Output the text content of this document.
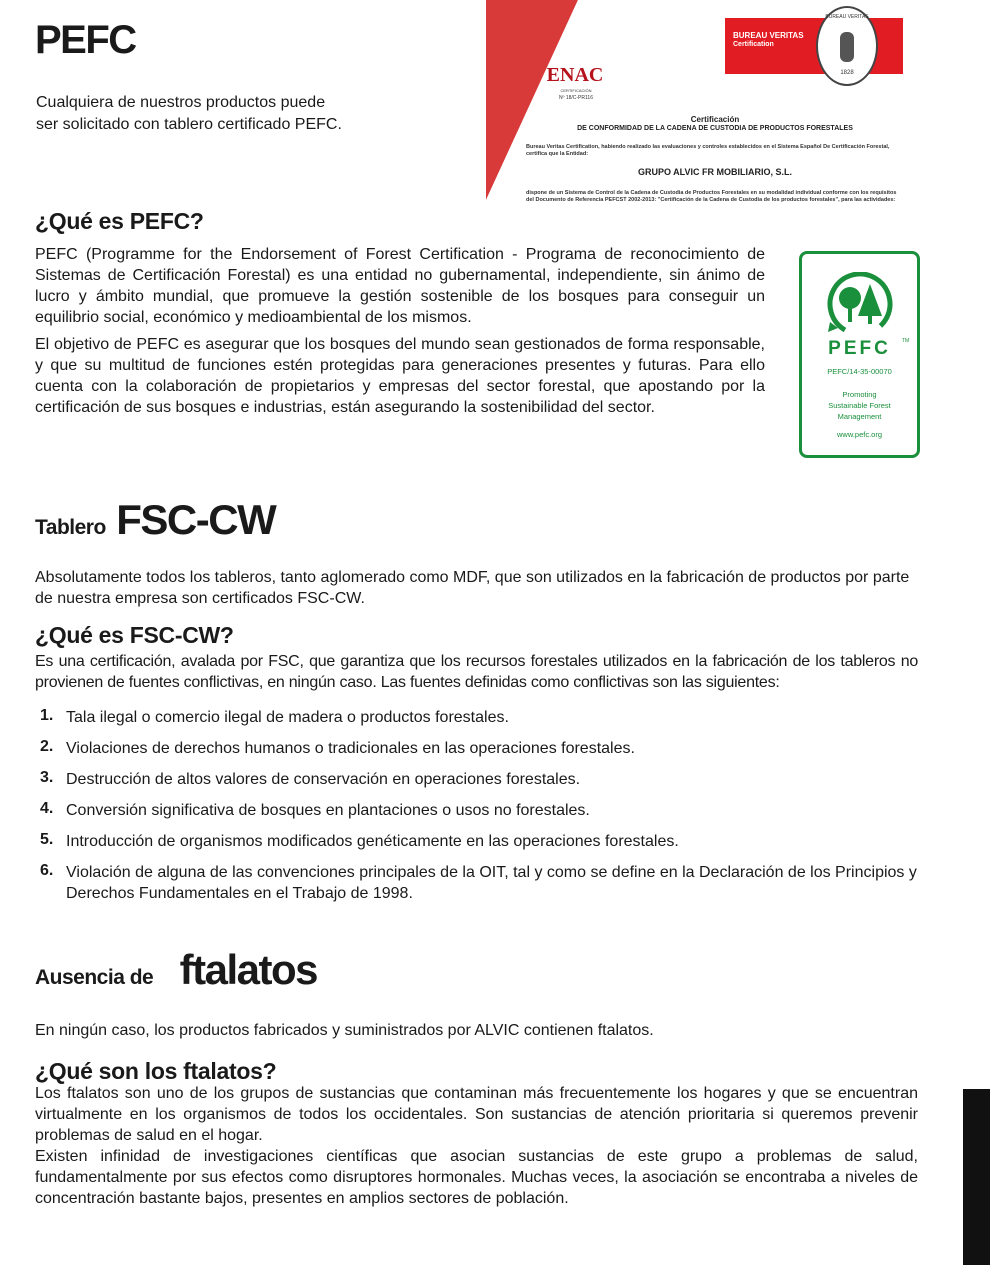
PEFC
Cualquiera de nuestros productos puede
ser solicitado con tablero certificado PEFC.
BUREAU VERITAS
Certification
BUREAU VERITAS
1828
ENAC
CERTIFICACIÓN
Nº 18/C-PR116
Certificación
DE CONFORMIDAD DE LA CADENA DE CUSTODIA DE PRODUCTOS FORESTALES
Bureau Veritas Certification, habiendo realizado las evaluaciones y controles establecidos en el Sistema Español De Certificación Forestal, certifica que la Entidad:
GRUPO ALVIC FR MOBILIARIO, S.L.
dispone de un Sistema de Control de la Cadena de Custodia de Productos Forestales en su modalidad individual conforme con los requisitos del Documento de Referencia PEFCST 2002-2013: "Certificación de la Cadena de Custodia de los productos forestales", para las actividades:
¿Qué es PEFC?
PEFC (Programme for the Endorsement of Forest Certification - Programa de reconocimiento de Sistemas de Certificación Forestal) es una entidad no gubernamental, independiente, sin ánimo de lucro y ámbito mundial, que promueve la gestión sostenible de los bosques para conseguir un equilibrio social, económico y medioambiental de los mismos.
El objetivo de PEFC es asegurar que los bosques del mundo sean gestionados de forma responsable, y que su multitud de funciones estén protegidas para generaciones presentes y futuras. Para ello cuenta con la colaboración de propietarios y empresas del sector forestal, que apostando por la certificación de sus bosques e industrias, están asegurando la sostenibilidad del sector.
PEFC	TM
PEFC/14-35-00070
Promoting
Sustainable Forest
Management
www.pefc.org
Tablero FSC-CW
Absolutamente todos los tableros, tanto aglomerado como MDF, que son utilizados en la fabricación de productos por parte de nuestra empresa son certificados FSC-CW.
¿Qué es FSC-CW?
Es una certificación, avalada por FSC, que garantiza que los recursos forestales utilizados en la fabricación de los tableros no provienen de fuentes conflictivas, en ningún caso. Las fuentes definidas como conflictivas son las siguientes:
1. Tala ilegal o comercio ilegal de madera o productos forestales.
2. Violaciones de derechos humanos o tradicionales en las operaciones forestales.
3. Destrucción de altos valores de conservación en operaciones forestales.
4. Conversión significativa de bosques en plantaciones o usos no forestales.
5. Introducción de organismos modificados genéticamente en las operaciones forestales.
6. Violación de alguna de las convenciones principales de la OIT, tal y como se define en la Declaración de los Principios y Derechos Fundamentales en el Trabajo de 1998.
Ausencia de ftalatos
En ningún caso, los productos fabricados y suministrados por ALVIC contienen ftalatos.
¿Qué son los ftalatos?
Los ftalatos son uno de los grupos de sustancias que contaminan más frecuentemente los hogares y que se encuentran virtualmente en los organismos de todos los occidentales. Son sustancias de atención prioritaria si queremos prevenir problemas de salud en el hogar.
Existen infinidad de investigaciones científicas que asocian sustancias de este grupo a problemas de salud, fundamentalmente por sus efectos como disruptores hormonales. Muchas veces, la asociación se encontraba a niveles de concentración bastante bajos, presentes en amplios sectores de población.
